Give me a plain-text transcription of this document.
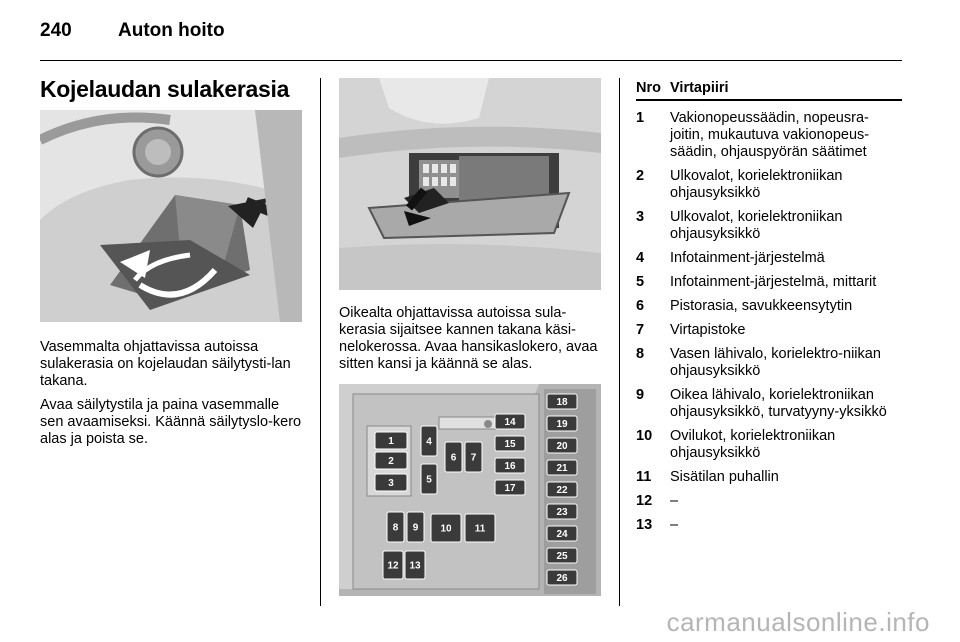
240 Auton hoito
Kojelaudan sulakerasia

Vasemmalta ohjattavissa autoissa sulakerasia on kojelaudan säilytysti-lan takana.

Avaa säilytystila ja paina vasemmalle sen avaamiseksi. Käännä säilytyslo-kero alas ja poista se.

Oikealta ohjattavissa autoissa sula-kerasia sijaitsee kannen takana käsi-nelokerossa. Avaa hansikaslokero, avaa sitten kansi ja käännä se alas.

1
2
3
4
5
6 7
8 9 10 11
12 13
14
15
16
17
18
19
20
21
22
23
24
25
26
Nro Virtapiiri
1	Vakionopeussäädin, nopeusra-joitin, mukautuva vakionopeus-säädin, ohjauspyörän säätimet
2	Ulkovalot, korielektroniikan ohjausyksikkö
3	Ulkovalot, korielektroniikan ohjausyksikkö
4	Infotainment-järjestelmä
5	Infotainment-järjestelmä, mittarit
6	Pistorasia, savukkeensytytin
7	Virtapistoke
8	Vasen lähivalo, korielektro-niikan ohjausyksikkö
9	Oikea lähivalo, korielektroniikan ohjausyksikkö, turvatyyny-yksikkö
10	Ovilukot, korielektroniikan ohjausyksikkö
11	Sisätilan puhallin
12	–
13	–
carmanualsonline.info
